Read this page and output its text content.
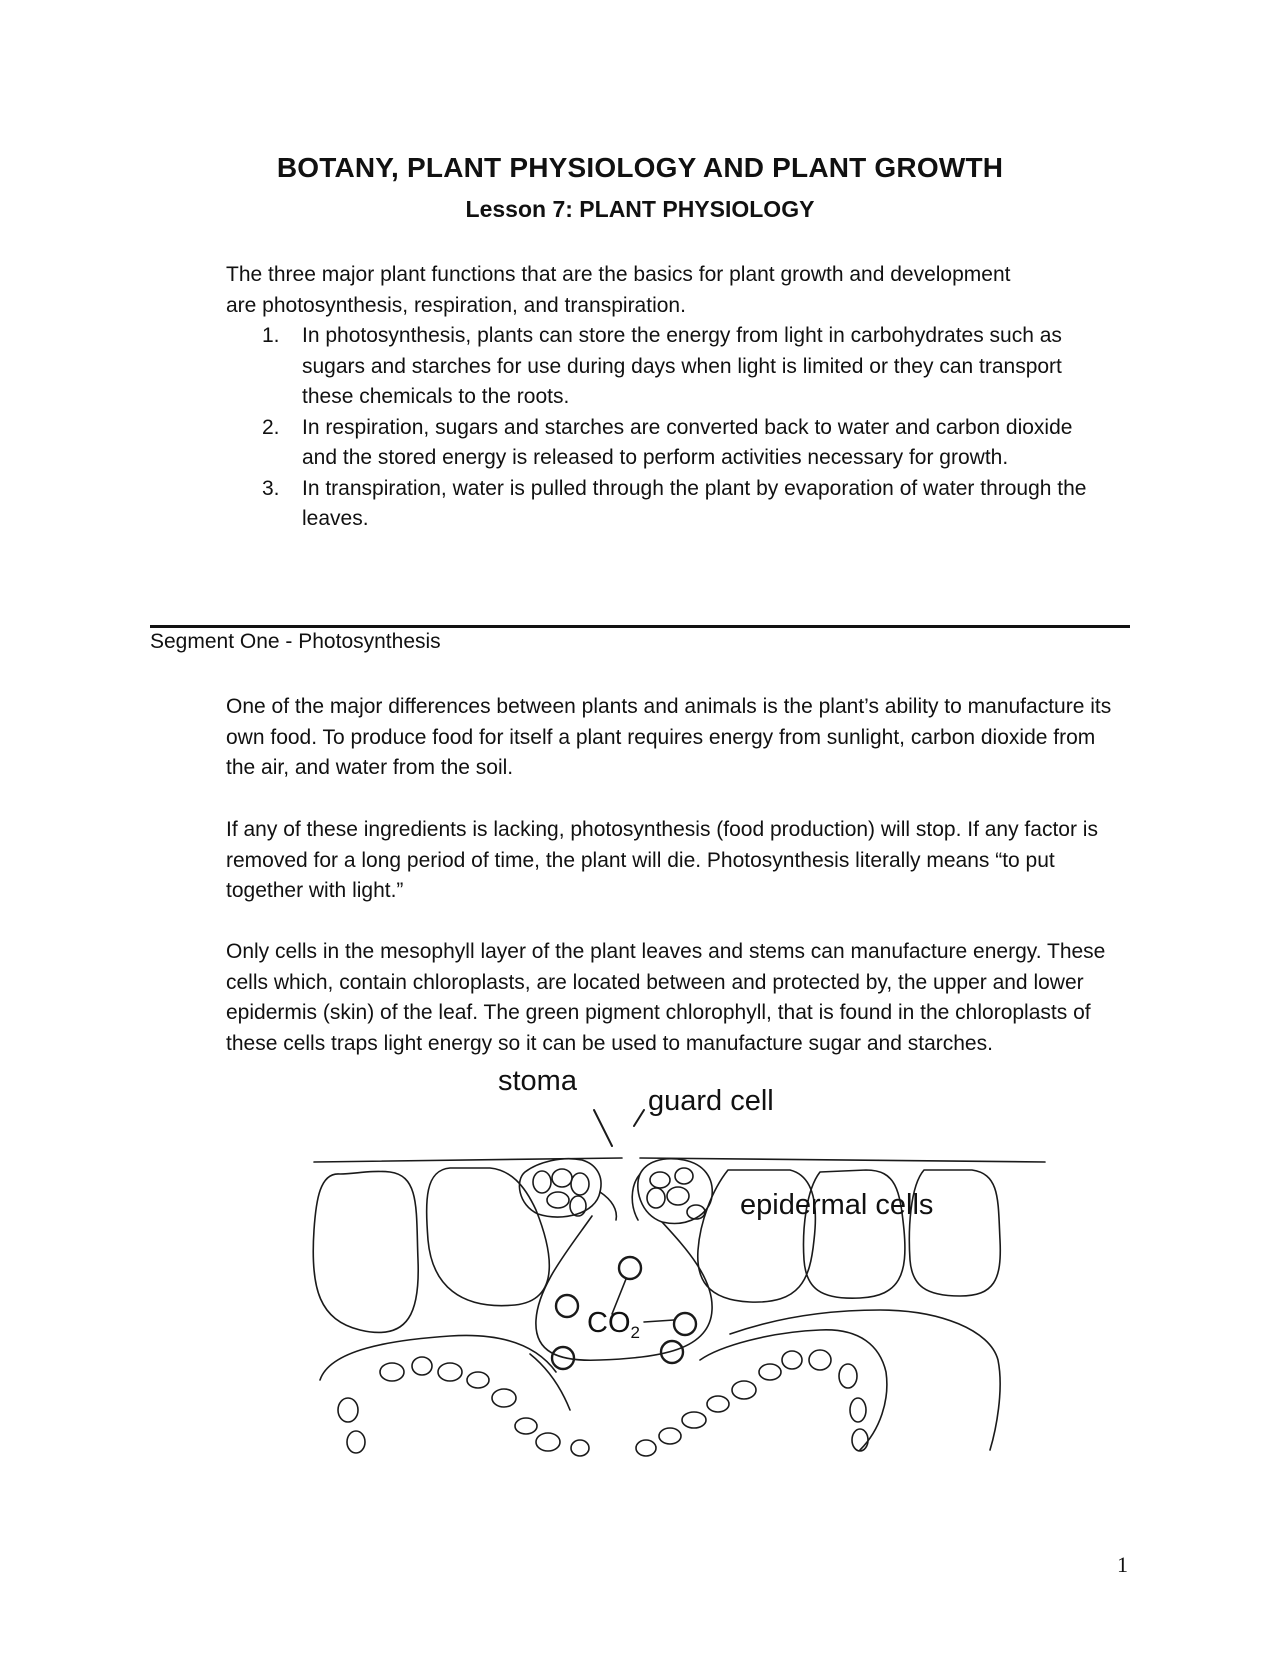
BOTANY, PLANT PHYSIOLOGY AND PLANT GROWTH
Lesson 7: PLANT PHYSIOLOGY

The three major plant functions that are the basics for plant growth and development
are photosynthesis, respiration, and transpiration.

1. In photosynthesis, plants can store the energy from light in carbohydrates such as sugars and starches for use during days when light is limited or they can transport these chemicals to the roots.
2. In respiration, sugars and starches are converted back to water and carbon dioxide and the stored energy is released to perform activities necessary for growth.
3. In transpiration, water is pulled through the plant by evaporation of water through the leaves.
Segment One - Photosynthesis

One of the major differences between plants and animals is the plant’s ability to manufacture its own food. To produce food for itself a plant requires energy from sunlight, carbon dioxide from the air, and water from the soil.

If any of these ingredients is lacking, photosynthesis (food production) will stop. If any factor is removed for a long period of time, the plant will die. Photosynthesis literally means “to put together with light.”

Only cells in the mesophyll layer of the plant leaves and stems can manufacture energy. These cells which, contain chloroplasts, are located between and protected by, the upper and lower epidermis (skin) of the leaf. The green pigment chlorophyll, that is found in the chloroplasts of these cells traps light energy so it can be used to manufacture sugar and starches.

stoma
guard cell
epidermal cells
$CO_2$

1
